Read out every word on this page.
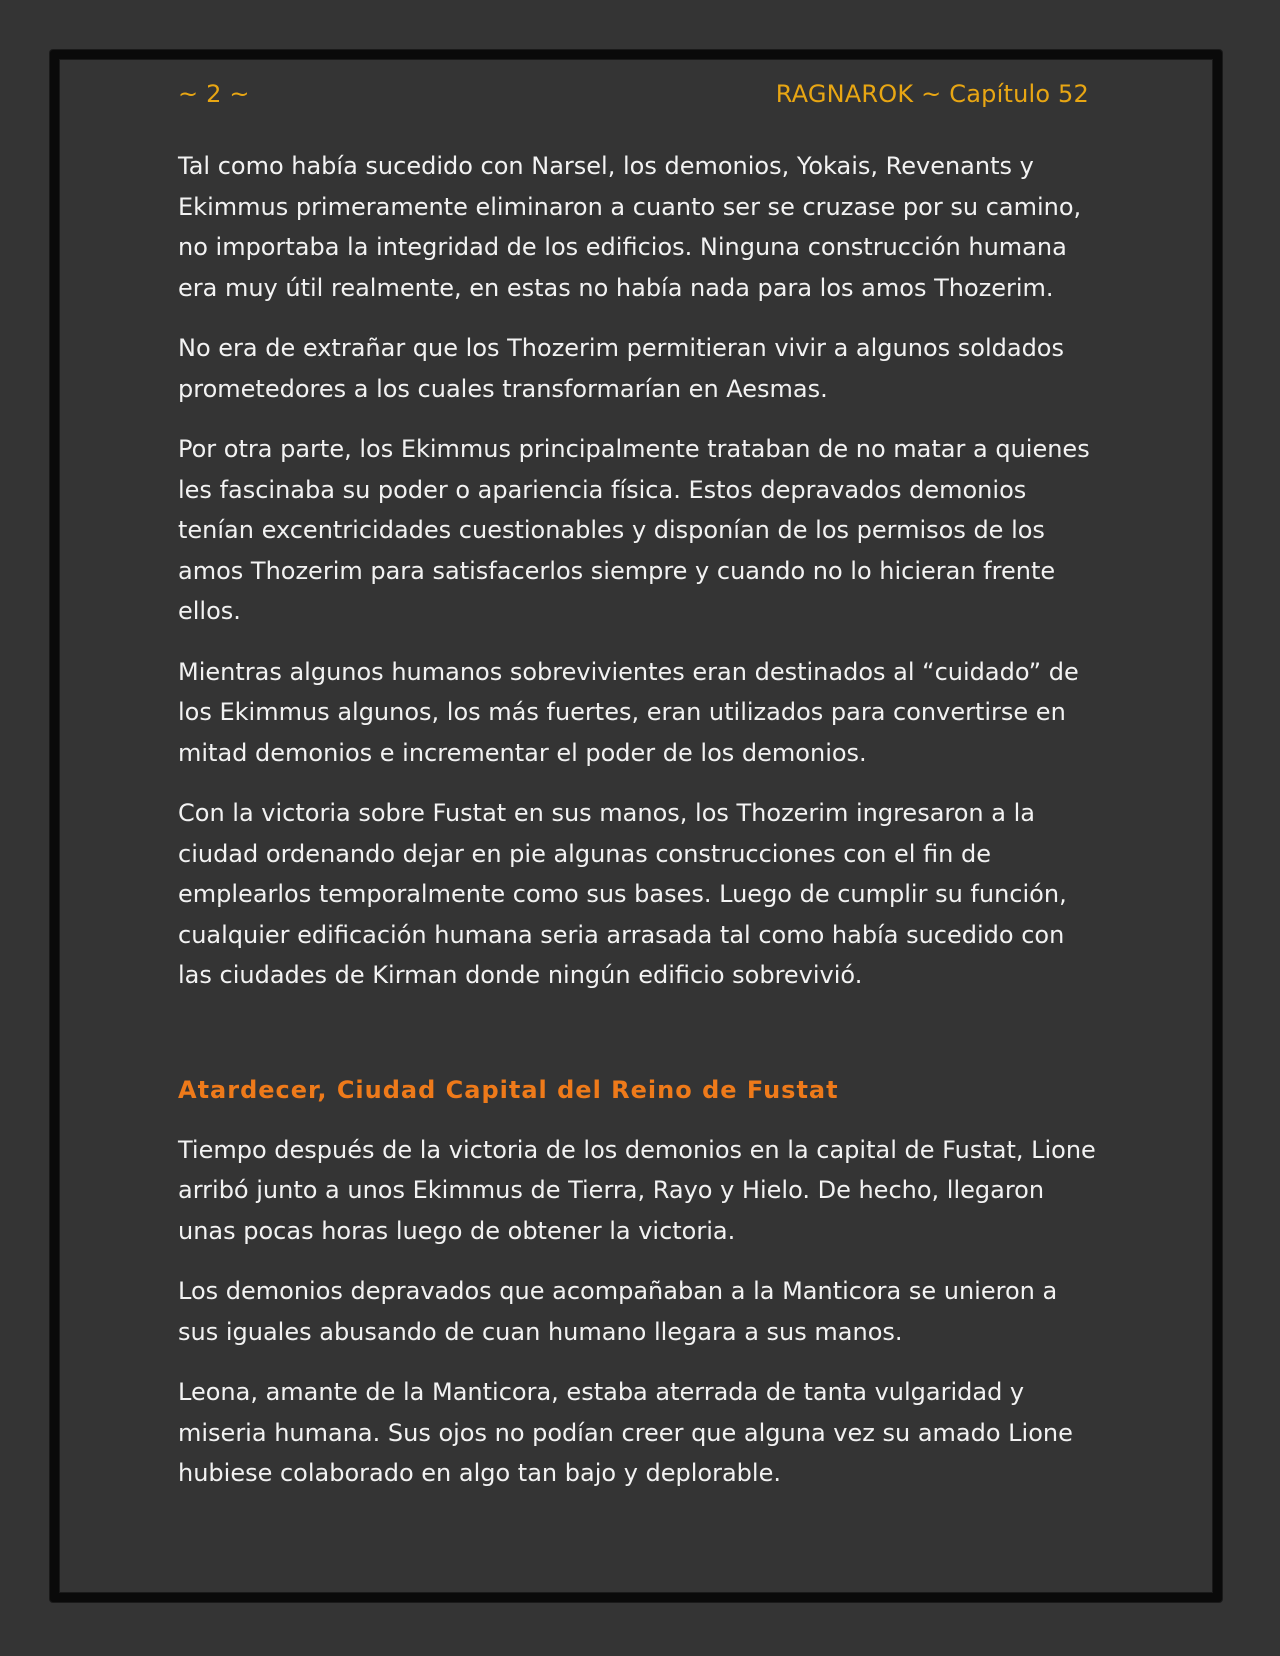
~ 2 ~	RAGNAROK ~ Capítulo 52

Tal como había sucedido con Narsel, los demonios, Yokais, Revenants y Ekimmus primeramente eliminaron a cuanto ser se cruzase por su camino, no importaba la integridad de los edificios. Ninguna construcción humana era muy útil realmente, en estas no había nada para los amos Thozerim.

No era de extrañar que los Thozerim permitieran vivir a algunos soldados prometedores a los cuales transformarían en Aesmas.

Por otra parte, los Ekimmus principalmente trataban de no matar a quienes les fascinaba su poder o apariencia física. Estos depravados demonios tenían excentricidades cuestionables y disponían de los permisos de los amos Thozerim para satisfacerlos siempre y cuando no lo hicieran frente ellos.

Mientras algunos humanos sobrevivientes eran destinados al “cuidado” de los Ekimmus algunos, los más fuertes, eran utilizados para convertirse en mitad demonios e incrementar el poder de los demonios.

Con la victoria sobre Fustat en sus manos, los Thozerim ingresaron a la ciudad ordenando dejar en pie algunas construcciones con el fin de emplearlos temporalmente como sus bases. Luego de cumplir su función, cualquier edificación humana seria arrasada tal como había sucedido con las ciudades de Kirman donde ningún edificio sobrevivió.

Atardecer, Ciudad Capital del Reino de Fustat

Tiempo después de la victoria de los demonios en la capital de Fustat, Lione arribó junto a unos Ekimmus de Tierra, Rayo y Hielo. De hecho, llegaron unas pocas horas luego de obtener la victoria.

Los demonios depravados que acompañaban a la Manticora se unieron a sus iguales abusando de cuan humano llegara a sus manos.

Leona, amante de la Manticora, estaba aterrada de tanta vulgaridad y miseria humana. Sus ojos no podían creer que alguna vez su amado Lione hubiese colaborado en algo tan bajo y deplorable.
